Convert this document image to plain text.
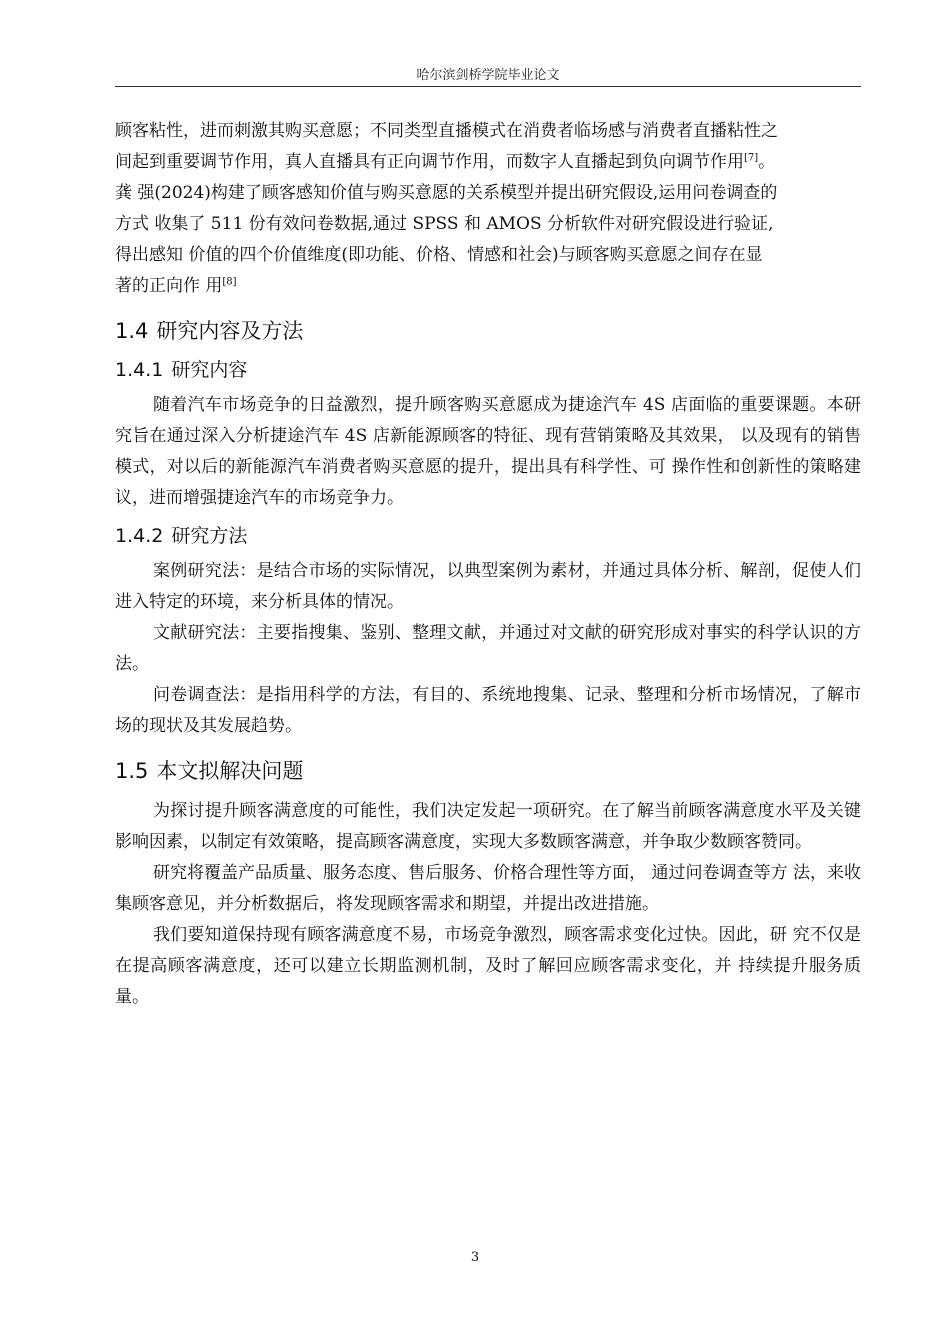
哈尔滨剑桥学院毕业论文

顾客粘性，进而刺激其购买意愿；不同类型直播模式在消费者临场感与消费者直播粘性之

间起到重要调节作用，真人直播具有正向调节作用，而数字人直播起到负向调节作用[7]。

龚 强(2024)构建了顾客感知价值与购买意愿的关系模型并提出研究假设,运用问卷调查的

方式 收集了 511 份有效问卷数据,通过 SPSS 和 AMOS 分析软件对研究假设进行验证,

得出感知 价值的四个价值维度(即功能、价格、情感和社会)与顾客购买意愿之间存在显

著的正向作 用[8]

1.4 研究内容及方法
1.4.1 研究内容

随着汽车市场竞争的日益激烈，提升顾客购买意愿成为捷途汽车 4S 店面临的重要课题。本研究旨在通过深入分析捷途汽车 4S 店新能源顾客的特征、现有营销策略及其效果， 以及现有的销售模式，对以后的新能源汽车消费者购买意愿的提升，提出具有科学性、可 操作性和创新性的策略建议，进而增强捷途汽车的市场竞争力。

1.4.2 研究方法

案例研究法：是结合市场的实际情况，以典型案例为素材，并通过具体分析、解剖，促使人们进入特定的环境，来分析具体的情况。

文献研究法：主要指搜集、鉴别、整理文献，并通过对文献的研究形成对事实的科学认识的方法。

问卷调查法：是指用科学的方法，有目的、系统地搜集、记录、整理和分析市场情况，了解市场的现状及其发展趋势。

1.5 本文拟解决问题

为探讨提升顾客满意度的可能性，我们决定发起一项研究。在了解当前顾客满意度水平及关键影响因素，以制定有效策略，提高顾客满意度，实现大多数顾客满意，并争取少数顾客赞同。

研究将覆盖产品质量、服务态度、售后服务、价格合理性等方面， 通过问卷调查等方 法，来收集顾客意见，并分析数据后，将发现顾客需求和期望，并提出改进措施。

我们要知道保持现有顾客满意度不易，市场竞争激烈，顾客需求变化过快。因此，研 究不仅是在提高顾客满意度，还可以建立长期监测机制，及时了解回应顾客需求变化，并 持续提升服务质量。

3
